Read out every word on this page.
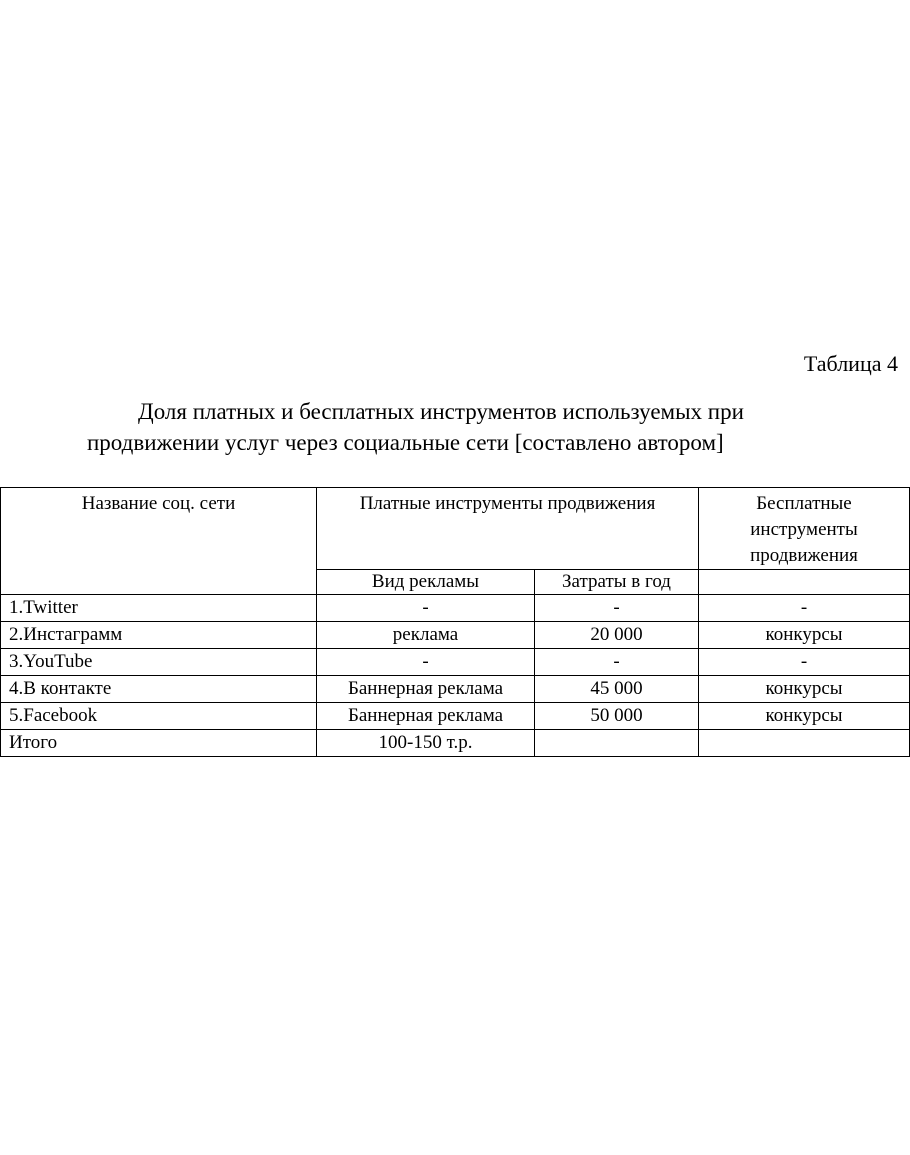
Таблица 4

Доля платных и бесплатных инструментов используемых при
продвижении услуг через социальные сети [составлено автором]

Название соц. сети	Платные инструменты продвижения		Бесплатные инструменты продвижения
	Вид рекламы	Затраты в год	
1.Twitter	-	-	-
2.Инстаграмм	реклама	20 000	конкурсы
3.YouTube	-	-	-
4.В контакте	Баннерная реклама	45 000	конкурсы
5.Facebook	Баннерная реклама	50 000	конкурсы
Итого	100-150 т.р.		
